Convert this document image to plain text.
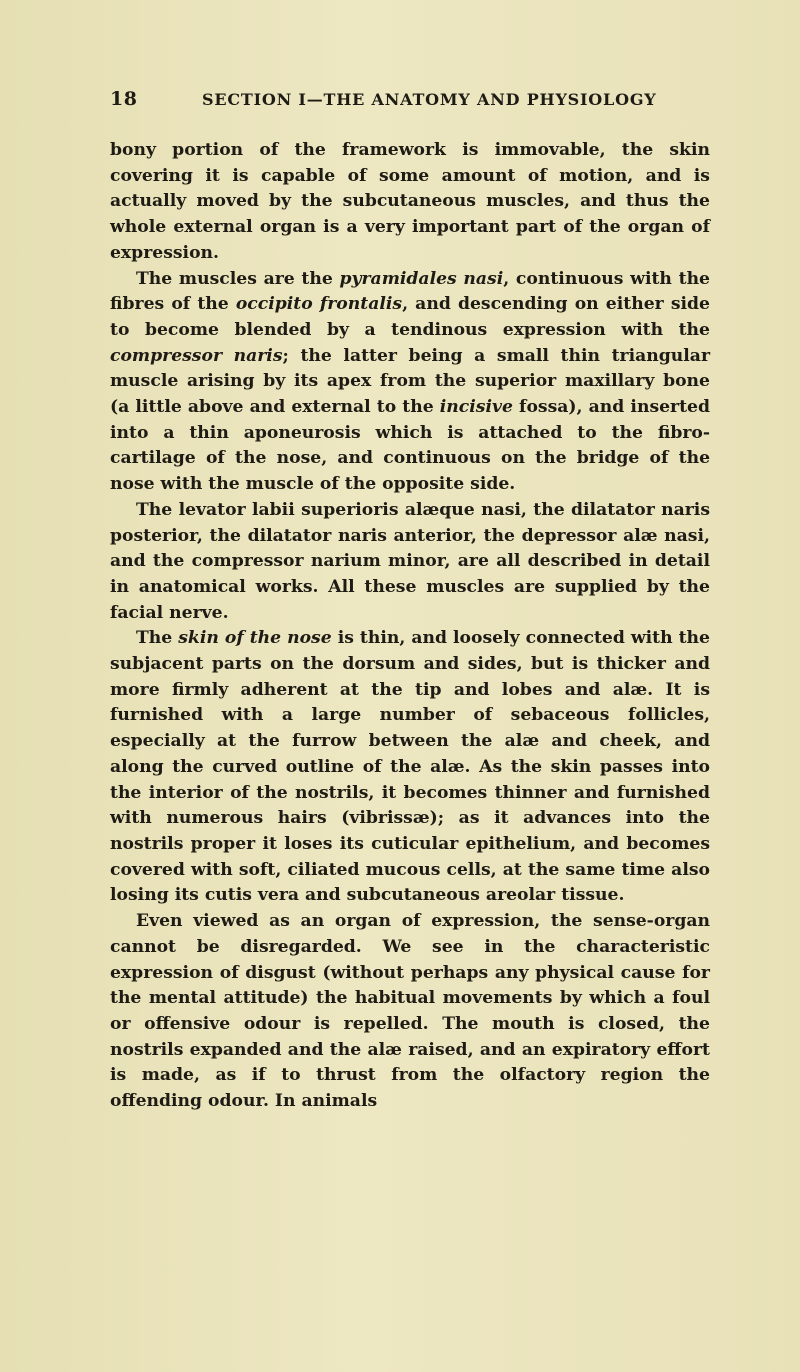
18	SECTION I—THE ANATOMY AND PHYSIOLOGY

bony portion of the framework is immovable, the skin covering it is capable of some amount of motion, and is actually moved by the subcutaneous muscles, and thus the whole external organ is a very important part of the organ of expression.

The muscles are the pyramidales nasi, continuous with the fibres of the occipito frontalis, and descending on either side to become blended by a tendinous expression with the compressor naris; the latter being a small thin triangular muscle arising by its apex from the superior maxillary bone (a little above and external to the incisive fossa), and inserted into a thin aponeurosis which is attached to the fibro-cartilage of the nose, and continuous on the bridge of the nose with the muscle of the opposite side.

The levator labii superioris alæque nasi, the dilatator naris posterior, the dilatator naris anterior, the depressor alæ nasi, and the compressor narium minor, are all described in detail in anatomical works. All these muscles are supplied by the facial nerve.

The skin of the nose is thin, and loosely connected with the subjacent parts on the dorsum and sides, but is thicker and more firmly adherent at the tip and lobes and alæ. It is furnished with a large number of sebaceous follicles, especially at the furrow between the alæ and cheek, and along the curved outline of the alæ. As the skin passes into the interior of the nostrils, it becomes thinner and furnished with numerous hairs (vibrissæ); as it advances into the nostrils proper it loses its cuticular epithelium, and becomes covered with soft, ciliated mucous cells, at the same time also losing its cutis vera and subcutaneous areolar tissue.

Even viewed as an organ of expression, the sense-organ cannot be disregarded. We see in the characteristic expression of disgust (without perhaps any physical cause for the mental attitude) the habitual movements by which a foul or offensive odour is repelled. The mouth is closed, the nostrils expanded and the alæ raised, and an expiratory effort is made, as if to thrust from the olfactory region the offending odour. In animals
